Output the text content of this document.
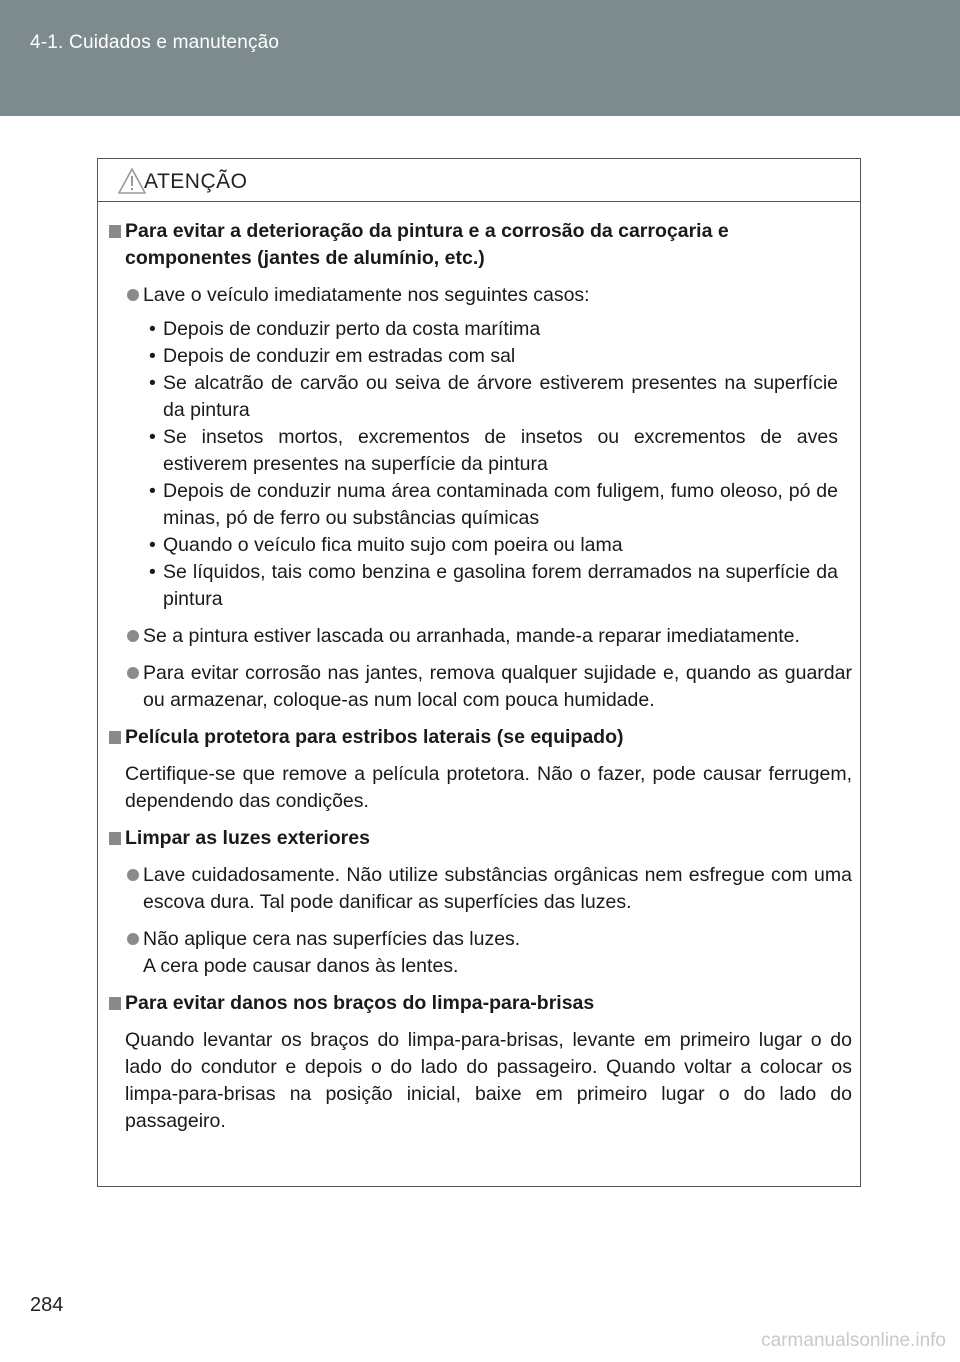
4-1. Cuidados e manutenção
ATENÇÃO
Para evitar a deterioração da pintura e a corrosão da carroçaria e componentes (jantes de alumínio, etc.)
Lave o veículo imediatamente nos seguintes casos:
• Depois de conduzir perto da costa marítima
• Depois de conduzir em estradas com sal
• Se alcatrão de carvão ou seiva de árvore estiverem presentes na superfície da pintura
• Se insetos mortos, excrementos de insetos ou excrementos de aves estiverem presentes na superfície da pintura
• Depois de conduzir numa área contaminada com fuligem, fumo oleoso, pó de minas, pó de ferro ou substâncias químicas
• Quando o veículo fica muito sujo com poeira ou lama
• Se líquidos, tais como benzina e gasolina forem derramados na superfície da pintura
Se a pintura estiver lascada ou arranhada, mande-a reparar imediatamente.
Para evitar corrosão nas jantes, remova qualquer sujidade e, quando as guardar ou armazenar, coloque-as num local com pouca humidade.
Película protetora para estribos laterais (se equipado)
Certifique-se que remove a película protetora. Não o fazer, pode causar ferrugem, dependendo das condições.
Limpar as luzes exteriores
Lave cuidadosamente. Não utilize substâncias orgânicas nem esfregue com uma escova dura. Tal pode danificar as superfícies das luzes.
Não aplique cera nas superfícies das luzes.
A cera pode causar danos às lentes.
Para evitar danos nos braços do limpa-para-brisas
Quando levantar os braços do limpa-para-brisas, levante em primeiro lugar o do lado do condutor e depois o do lado do passageiro. Quando voltar a colocar os limpa-para-brisas na posição inicial, baixe em primeiro lugar o do lado do passageiro.
284
carmanualsonline.info
